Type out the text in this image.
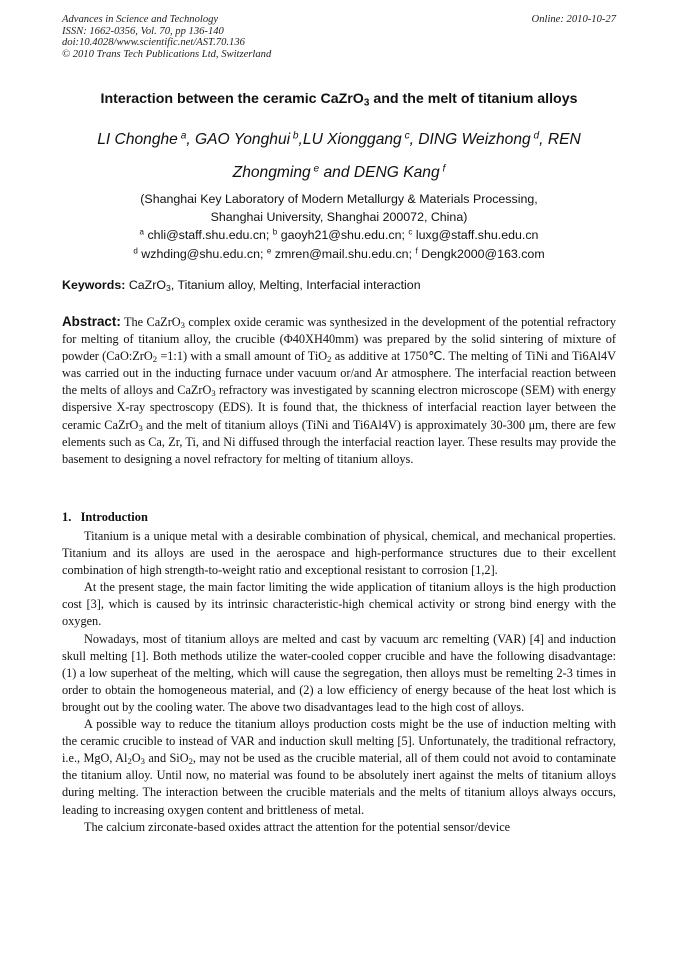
Advances in Science and Technology
ISSN: 1662-0356, Vol. 70, pp 136-140
doi:10.4028/www.scientific.net/AST.70.136
© 2010 Trans Tech Publications Ltd, Switzerland
Online: 2010-10-27
Interaction between the ceramic CaZrO$_3$ and the melt of titanium alloys
LI Chonghe $^a$, GAO Yonghui $^b$,LU Xionggang $^c$, DING Weizhong $^d$, REN Zhongming $^e$ and DENG Kang $^f$
(Shanghai Key Laboratory of Modern Metallurgy & Materials Processing,
Shanghai University, Shanghai 200072, China)
$^a$ chli@staff.shu.edu.cn; $^b$ gaoyh21@shu.edu.cn; $^c$ luxg@staff.shu.edu.cn
$^d$ wzhding@shu.edu.cn; $^e$ zmren@mail.shu.edu.cn; $^f$ Dengk2000@163.com
Keywords: CaZrO$_3$, Titanium alloy, Melting, Interfacial interaction
Abstract: The CaZrO$_3$ complex oxide ceramic was synthesized in the development of the potential refractory for melting of titanium alloy, the crucible (Φ40XH40mm) was prepared by the solid sintering of mixture of powder (CaO:ZrO$_2$ =1:1) with a small amount of TiO$_2$ as additive at 1750℃. The melting of TiNi and Ti6Al4V was carried out in the inducting furnace under vacuum or/and Ar atmosphere. The interfacial reaction between the melts of alloys and CaZrO$_3$ refractory was investigated by scanning electron microscope (SEM) with energy dispersive X-ray spectroscopy (EDS). It is found that, the thickness of interfacial reaction layer between the ceramic CaZrO$_3$ and the melt of titanium alloys (TiNi and Ti6Al4V) is approximately 30-300 μm, there are few elements such as Ca, Zr, Ti, and Ni diffused through the interfacial reaction layer. These results may provide the basement to designing a novel refractory for melting of titanium alloys.
1. Introduction

Titanium is a unique metal with a desirable combination of physical, chemical, and mechanical properties. Titanium and its alloys are used in the aerospace and high-performance structures due to their excellent combination of high strength-to-weight ratio and exceptional resistant to corrosion [1,2].

At the present stage, the main factor limiting the wide application of titanium alloys is the high production cost [3], which is caused by its intrinsic characteristic-high chemical activity or strong bind energy with the oxygen.

Nowadays, most of titanium alloys are melted and cast by vacuum arc remelting (VAR) [4] and induction skull melting [1]. Both methods utilize the water-cooled copper crucible and have the following disadvantage: (1) a low superheat of the melting, which will cause the segregation, then alloys must be remelting 2-3 times in order to obtain the homogeneous material, and (2) a low efficiency of energy because of the heat lost which is brought out by the cooling water. The above two disadvantages lead to the high cost of alloys.

A possible way to reduce the titanium alloys production costs might be the use of induction melting with the ceramic crucible to instead of VAR and induction skull melting [5]. Unfortunately, the traditional refractory, i.e., MgO, $Al_2O_3$ and SiO$_2$, may not be used as the crucible material, all of them could not avoid to contaminate the titanium alloy. Until now, no material was found to be absolutely inert against the melts of titanium alloys during melting. The interaction between the crucible materials and the melts of titanium alloys always occurs, leading to increasing oxygen content and brittleness of metal.

The calcium zirconate-based oxides attract the attention for the potential sensor/device
